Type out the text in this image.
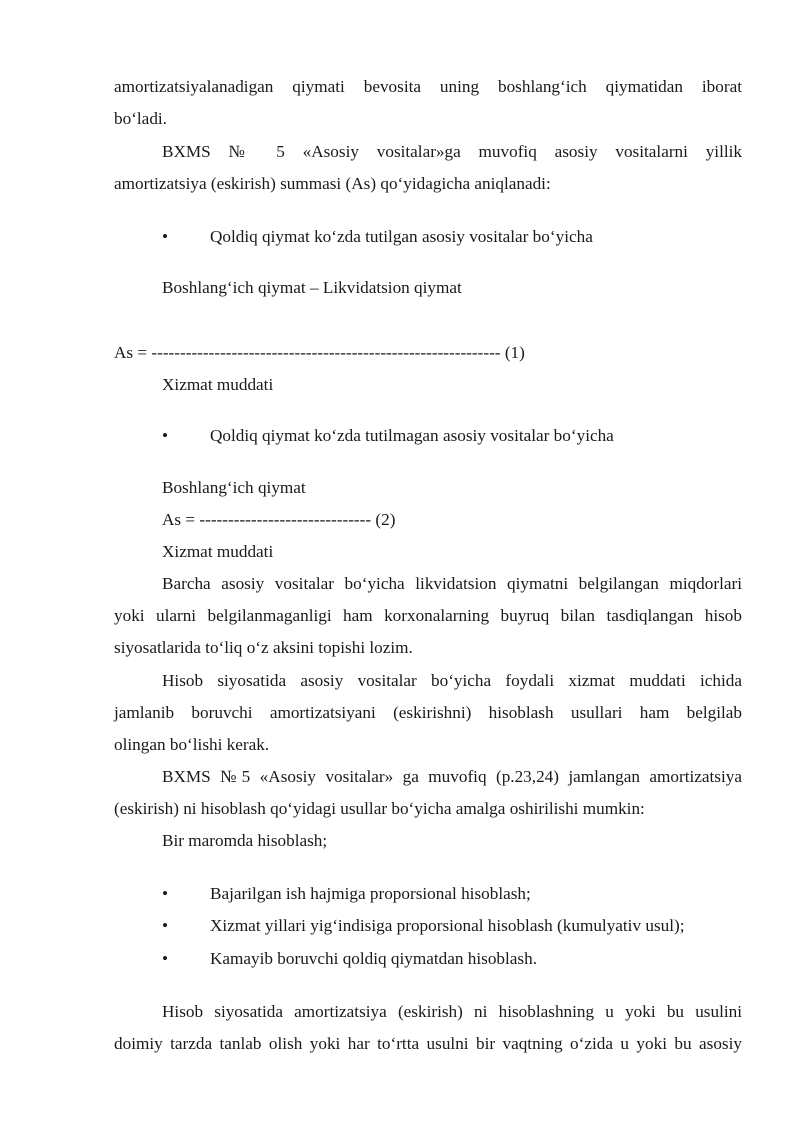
amortizatsiyalanadigan qiymati bevosita uning boshlang‘ich qiymatidan iborat
bo‘ladi.
BXMS № 5 «Asosiy vositalar»ga muvofiq asosiy vositalarni yillik
amortizatsiya (eskirish) summasi (As) qo‘yidagicha aniqlanadi:
•	Qoldiq qiymat ko‘zda tutilgan asosiy vositalar bo‘yicha
Boshlang‘ich qiymat – Likvidatsion qiymat
As = ------------------------------------------------------------- (1)
Xizmat muddati
•	Qoldiq qiymat ko‘zda tutilmagan asosiy vositalar bo‘yicha
Boshlang‘ich qiymat
As = ------------------------------ (2)
Xizmat muddati
Barcha asosiy vositalar bo‘yicha likvidatsion qiymatni belgilangan miqdorlari
yoki ularni belgilanmaganligi ham korxonalarning buyruq bilan tasdiqlangan hisob
siyosatlarida to‘liq o‘z aksini topishi lozim.
Hisob siyosatida asosiy vositalar bo‘yicha foydali xizmat muddati ichida
jamlanib boruvchi amortizatsiyani (eskirishni) hisoblash usullari ham belgilab
olingan bo‘lishi kerak.
BXMS №5 «Asosiy vositalar» ga muvofiq (p.23,24) jamlangan amortizatsiya
(eskirish) ni hisoblash qo‘yidagi usullar bo‘yicha amalga oshirilishi mumkin:
Bir maromda hisoblash;
•	Bajarilgan ish hajmiga proporsional hisoblash;
•	Xizmat yillari yig‘indisiga proporsional hisoblash (kumulyativ usul);
•	Kamayib boruvchi qoldiq qiymatdan hisoblash.
Hisob siyosatida amortizatsiya (eskirish) ni hisoblashning u yoki bu usulini
doimiy tarzda tanlab olish yoki har to‘rtta usulni bir vaqtning o‘zida u yoki bu asosiy
